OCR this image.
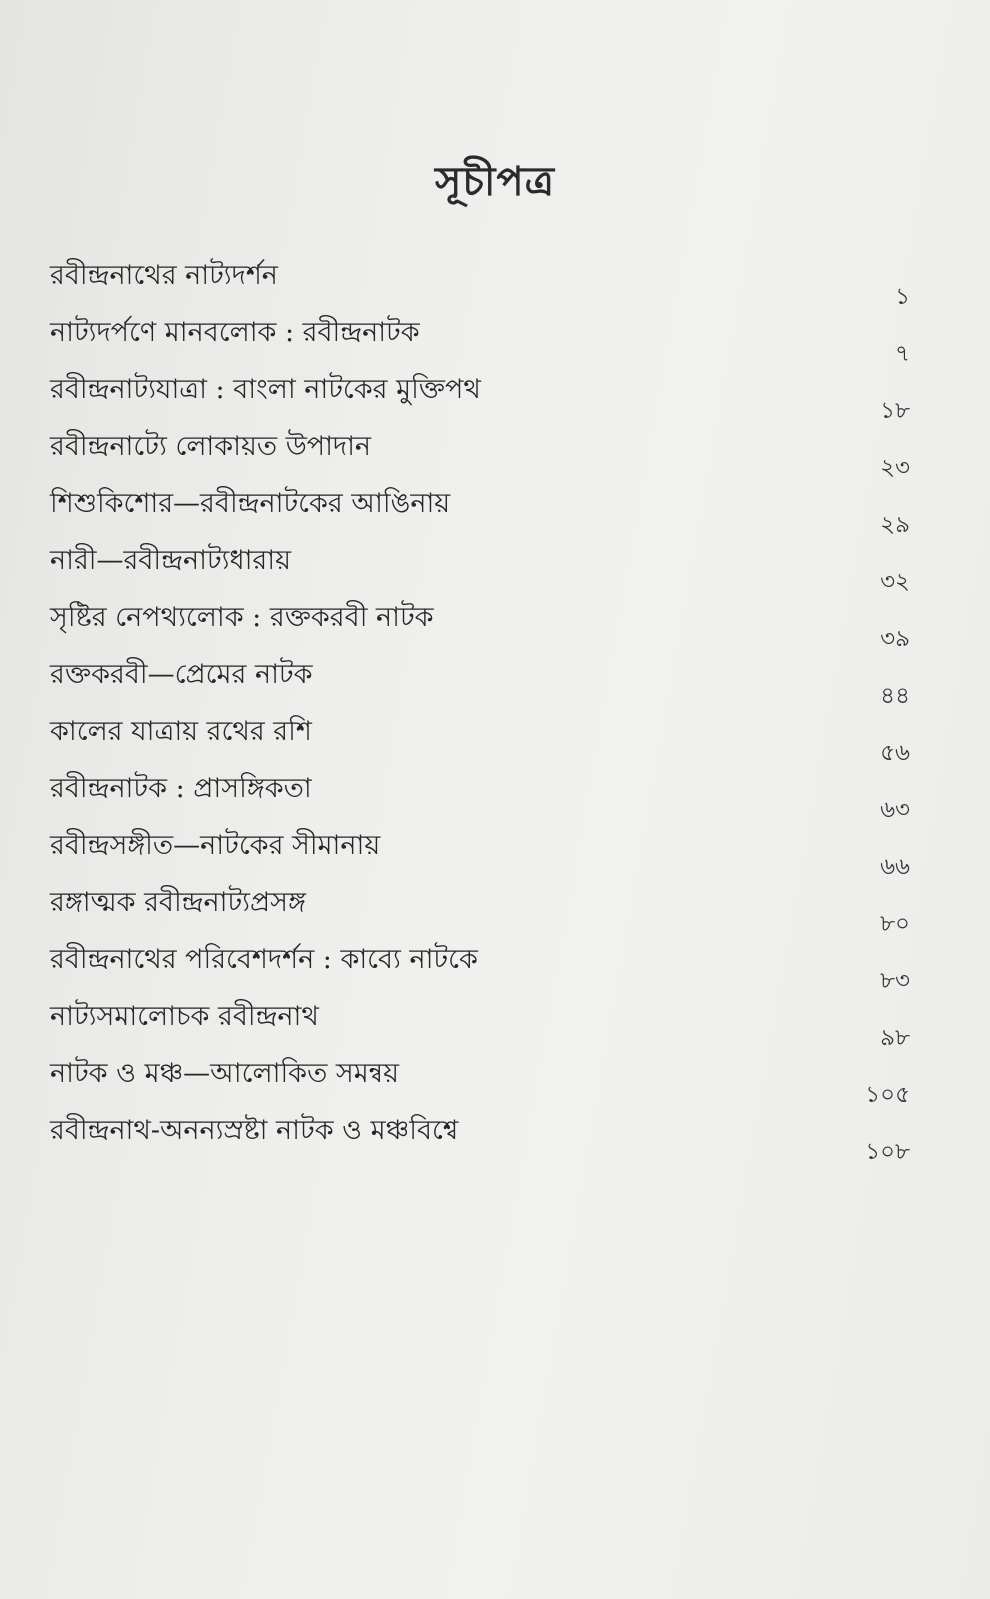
সূচীপত্র
রবীন্দ্রনাথের নাট্যদর্শন
১
নাট্যদর্পণে মানবলোক : রবীন্দ্রনাটক
৭
রবীন্দ্রনাট্যযাত্রা : বাংলা নাটকের মুক্তিপথ
১৮
রবীন্দ্রনাট্যে লোকায়ত উপাদান
২৩
শিশুকিশোর—রবীন্দ্রনাটকের আঙিনায়
২৯
নারী—রবীন্দ্রনাট্যধারায়
৩২
সৃষ্টির নেপথ্যলোক : রক্তকরবী নাটক
৩৯
রক্তকরবী—প্রেমের নাটক
৪৪
কালের যাত্রায় রথের রশি
৫৬
রবীন্দ্রনাটক : প্রাসঙ্গিকতা
৬৩
রবীন্দ্রসঙ্গীত—নাটকের সীমানায়
৬৬
রঙ্গাত্মক রবীন্দ্রনাট্যপ্রসঙ্গ
৮০
রবীন্দ্রনাথের পরিবেশদর্শন : কাব্যে নাটকে
৮৩
নাট্যসমালোচক রবীন্দ্রনাথ
৯৮
নাটক ও মঞ্চ—আলোকিত সমন্বয়
১০৫
রবীন্দ্রনাথ-অনন্যস্রষ্টা নাটক ও মঞ্চবিশ্বে
১০৮
